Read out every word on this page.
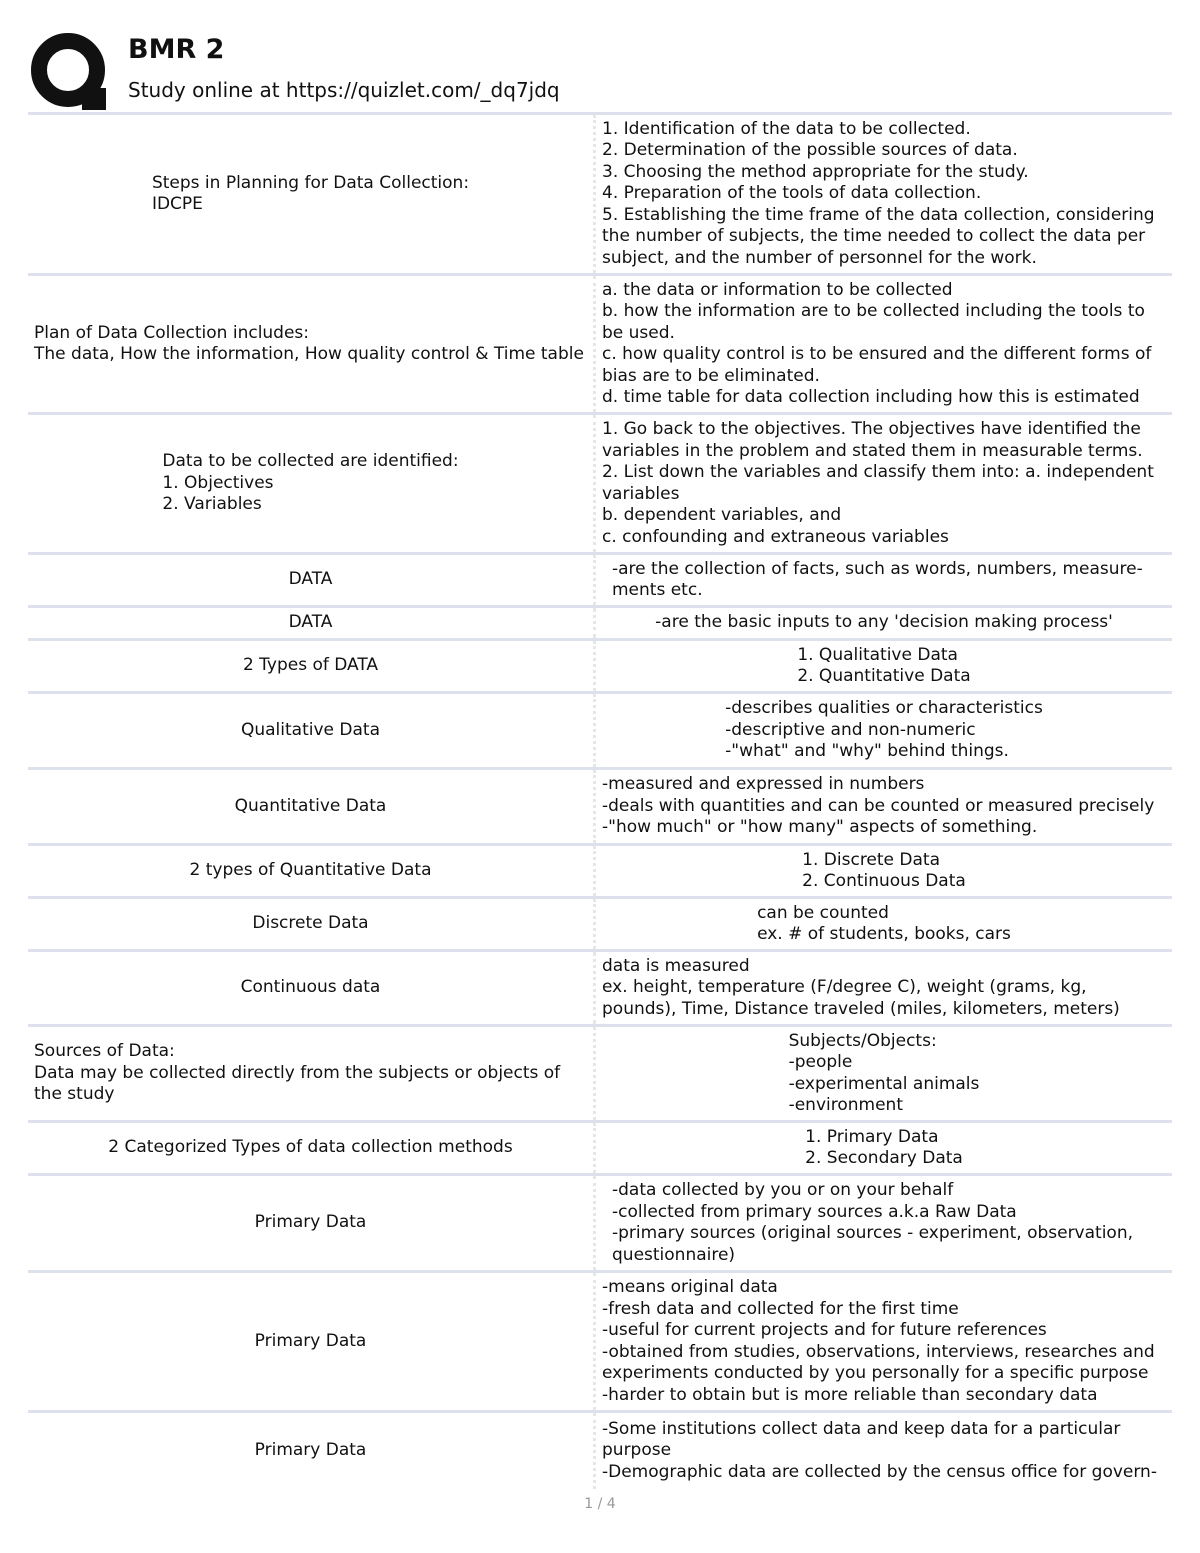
BMR 2
Study online at https://quizlet.com/_dq7jdq
Steps in Planning for Data Collection:
IDCPE
1. Identification of the data to be collected.
2. Determination of the possible sources of data.
3. Choosing the method appropriate for the study.
4. Preparation of the tools of data collection.
5. Establishing the time frame of the data collection, considering the number of subjects, the time needed to collect the data per subject, and the number of personnel for the work.
Plan of Data Collection includes:
The data, How the information, How quality control & Time table
a. the data or information to be collected
b. how the information are to be collected including the tools to be used.
c. how quality control is to be ensured and the different forms of bias are to be eliminated.
d. time table for data collection including how this is estimated
Data to be collected are identified:
1. Objectives
2. Variables
1. Go back to the objectives. The objectives have identified the variables in the problem and stated them in measurable terms.
2. List down the variables and classify them into: a. independent variables
b. dependent variables, and
c. confounding and extraneous variables
DATA
-are the collection of facts, such as words, numbers, measure-
ments etc.
DATA	-are the basic inputs to any 'decision making process'
2 Types of DATA
1. Qualitative Data
2. Quantitative Data
Qualitative Data
-describes qualities or characteristics
-descriptive and non-numeric
-"what" and "why" behind things.
Quantitative Data
-measured and expressed in numbers
-deals with quantities and can be counted or measured precisely
-"how much" or "how many" aspects of something.
2 types of Quantitative Data
1. Discrete Data
2. Continuous Data
Discrete Data
can be counted
ex. # of students, books, cars
Continuous data
data is measured
ex. height, temperature (F/degree C), weight (grams, kg, pounds), Time, Distance traveled (miles, kilometers, meters)
Sources of Data:
Data may be collected directly from the subjects or objects of the study
Subjects/Objects:
-people
-experimental animals
-environment
2 Categorized Types of data collection methods
1. Primary Data
2. Secondary Data
Primary Data
-data collected by you or on your behalf
-collected from primary sources a.k.a Raw Data
-primary sources (original sources - experiment, observation, questionnaire)
Primary Data
-means original data
-fresh data and collected for the first time
-useful for current projects and for future references
-obtained from studies, observations, interviews, researches and experiments conducted by you personally for a specific purpose
-harder to obtain but is more reliable than secondary data
Primary Data
-Some institutions collect data and keep data for a particular purpose
-Demographic data are collected by the census office for govern-
1 / 4
